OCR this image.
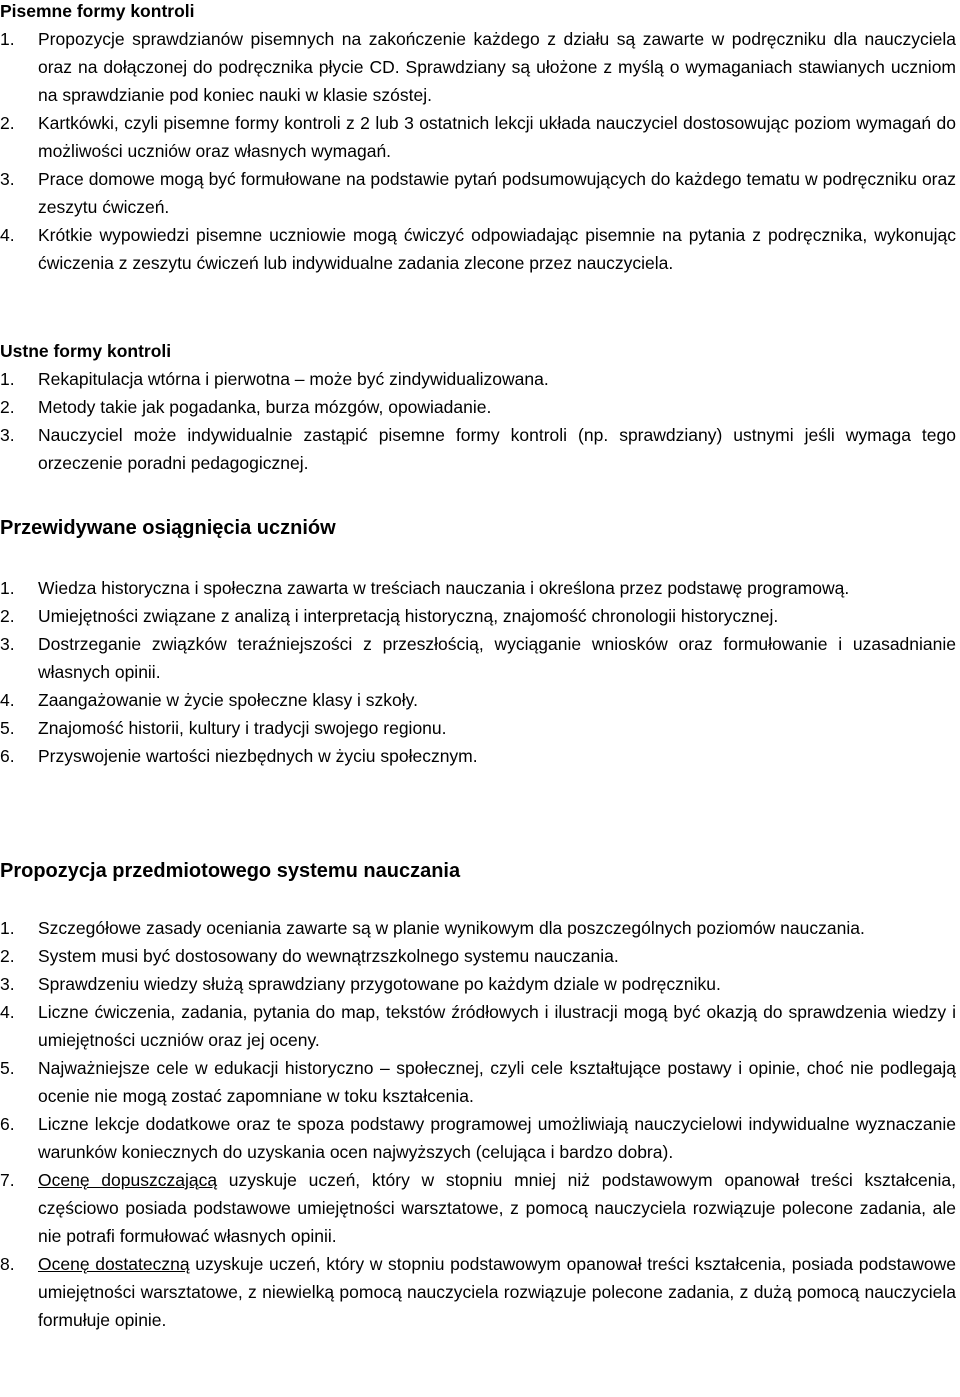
Pisemne formy kontroli
1. Propozycje sprawdzianów pisemnych na zakończenie każdego z działu są zawarte w podręczniku dla nauczyciela oraz na dołączonej do podręcznika płycie CD. Sprawdziany są ułożone z myślą o wymaganiach stawianych uczniom na sprawdzianie pod koniec nauki w klasie szóstej.
2. Kartkówki, czyli pisemne formy kontroli z 2 lub 3 ostatnich lekcji układa nauczyciel dostosowując poziom wymagań do możliwości uczniów oraz własnych wymagań.
3. Prace domowe mogą być formułowane na podstawie pytań podsumowujących do każdego tematu w podręczniku oraz zeszytu ćwiczeń.
4. Krótkie wypowiedzi pisemne uczniowie mogą ćwiczyć odpowiadając pisemnie na pytania z podręcznika, wykonując ćwiczenia z zeszytu ćwiczeń lub indywidualne zadania zlecone przez nauczyciela.
Ustne formy kontroli
1. Rekapitulacja wtórna i pierwotna – może być zindywidualizowana.
2. Metody takie jak pogadanka, burza mózgów, opowiadanie.
3. Nauczyciel może indywidualnie zastąpić pisemne formy kontroli (np. sprawdziany) ustnymi jeśli wymaga tego orzeczenie poradni pedagogicznej.
Przewidywane osiągnięcia uczniów
1. Wiedza historyczna i społeczna zawarta w treściach nauczania i określona przez podstawę programową.
2. Umiejętności związane z analizą i interpretacją historyczną, znajomość chronologii historycznej.
3. Dostrzeganie związków teraźniejszości z przeszłością, wyciąganie wniosków oraz formułowanie i uzasadnianie własnych opinii.
4. Zaangażowanie w życie społeczne klasy i szkoły.
5. Znajomość historii, kultury i tradycji swojego regionu.
6. Przyswojenie wartości niezbędnych w życiu społecznym.
Propozycja przedmiotowego systemu nauczania
1. Szczegółowe zasady oceniania zawarte są w planie wynikowym dla poszczególnych poziomów nauczania.
2. System musi być dostosowany do wewnątrzszkolnego systemu nauczania.
3. Sprawdzeniu wiedzy służą sprawdziany przygotowane po każdym dziale w podręczniku.
4. Liczne ćwiczenia, zadania, pytania do map, tekstów źródłowych i ilustracji mogą być okazją do sprawdzenia wiedzy i umiejętności uczniów oraz jej oceny.
5. Najważniejsze cele w edukacji historyczno – społecznej, czyli cele kształtujące postawy i opinie, choć nie podlegają ocenie nie mogą zostać zapomniane w toku kształcenia.
6. Liczne lekcje dodatkowe oraz te spoza podstawy programowej umożliwiają nauczycielowi indywidualne wyznaczanie warunków koniecznych do uzyskania ocen najwyższych (celująca i bardzo dobra).
7. Ocenę dopuszczającą uzyskuje uczeń, który w stopniu mniej niż podstawowym opanował treści kształcenia, częściowo posiada podstawowe umiejętności warsztatowe, z pomocą nauczyciela rozwiązuje polecone zadania, ale nie potrafi formułować własnych opinii.
8. Ocenę dostateczną uzyskuje uczeń, który w stopniu podstawowym opanował treści kształcenia, posiada podstawowe umiejętności warsztatowe, z niewielką pomocą nauczyciela rozwiązuje polecone zadania, z dużą pomocą nauczyciela formułuje opinie.
